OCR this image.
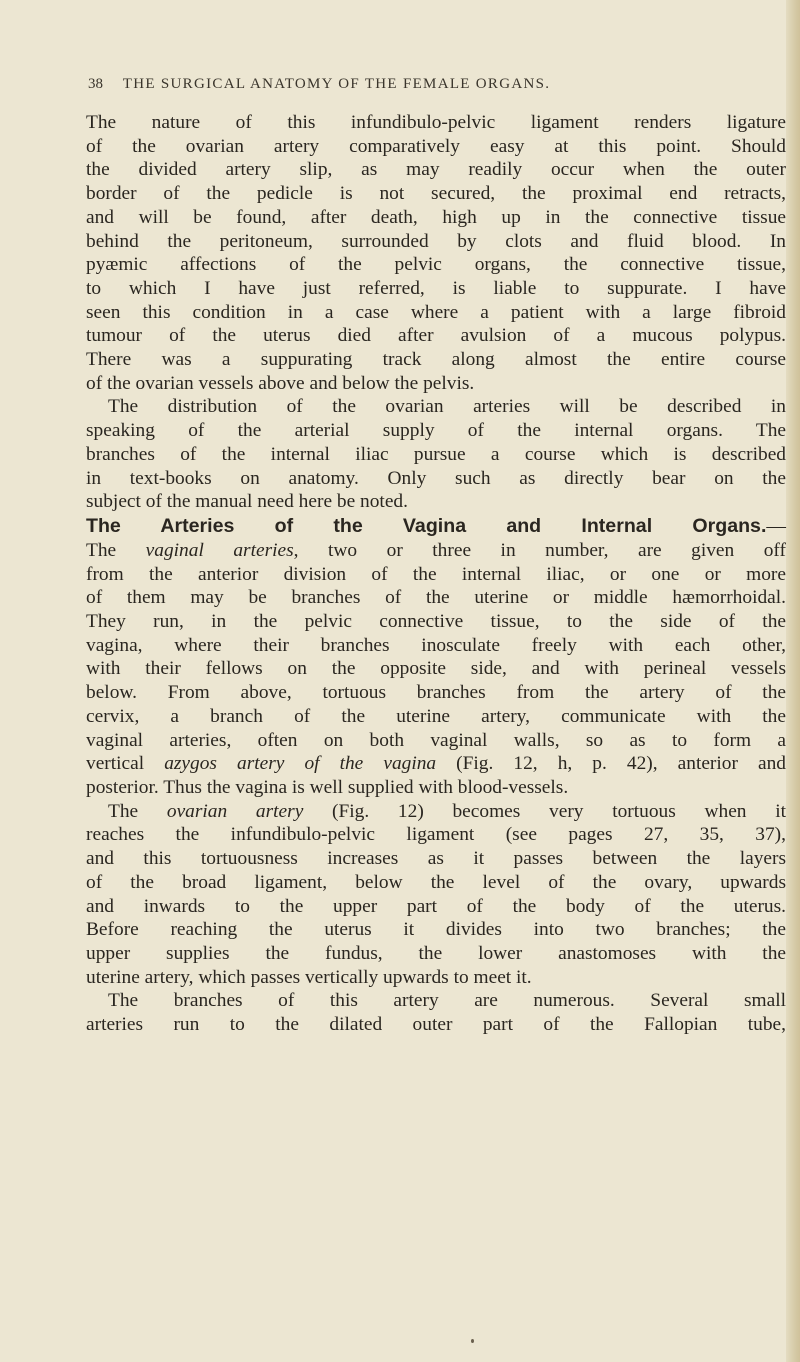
38 THE SURGICAL ANATOMY OF THE FEMALE ORGANS.
The nature of this infundibulo-pelvic ligament renders ligature
of the ovarian artery comparatively easy at this point. Should
the divided artery slip, as may readily occur when the outer
border of the pedicle is not secured, the proximal end retracts,
and will be found, after death, high up in the connective tissue
behind the peritoneum, surrounded by clots and fluid blood. In
pyæmic affections of the pelvic organs, the connective tissue,
to which I have just referred, is liable to suppurate. I have
seen this condition in a case where a patient with a large fibroid
tumour of the uterus died after avulsion of a mucous polypus.
There was a suppurating track along almost the entire course
of the ovarian vessels above and below the pelvis.
The distribution of the ovarian arteries will be described in
speaking of the arterial supply of the internal organs. The
branches of the internal iliac pursue a course which is described
in text-books on anatomy. Only such as directly bear on the
subject of the manual need here be noted.
The Arteries of the Vagina and Internal Organs.—
The vaginal arteries, two or three in number, are given off
from the anterior division of the internal iliac, or one or more
of them may be branches of the uterine or middle hæmorrhoidal.
They run, in the pelvic connective tissue, to the side of the
vagina, where their branches inosculate freely with each other,
with their fellows on the opposite side, and with perineal vessels
below. From above, tortuous branches from the artery of the
cervix, a branch of the uterine artery, communicate with the
vaginal arteries, often on both vaginal walls, so as to form a
vertical azygos artery of the vagina (Fig. 12, h, p. 42), anterior and
posterior. Thus the vagina is well supplied with blood-vessels.
The ovarian artery (Fig. 12) becomes very tortuous when it
reaches the infundibulo-pelvic ligament (see pages 27, 35, 37),
and this tortuousness increases as it passes between the layers
of the broad ligament, below the level of the ovary, upwards
and inwards to the upper part of the body of the uterus.
Before reaching the uterus it divides into two branches; the
upper supplies the fundus, the lower anastomoses with the
uterine artery, which passes vertically upwards to meet it.
The branches of this artery are numerous. Several small
arteries run to the dilated outer part of the Fallopian tube,
